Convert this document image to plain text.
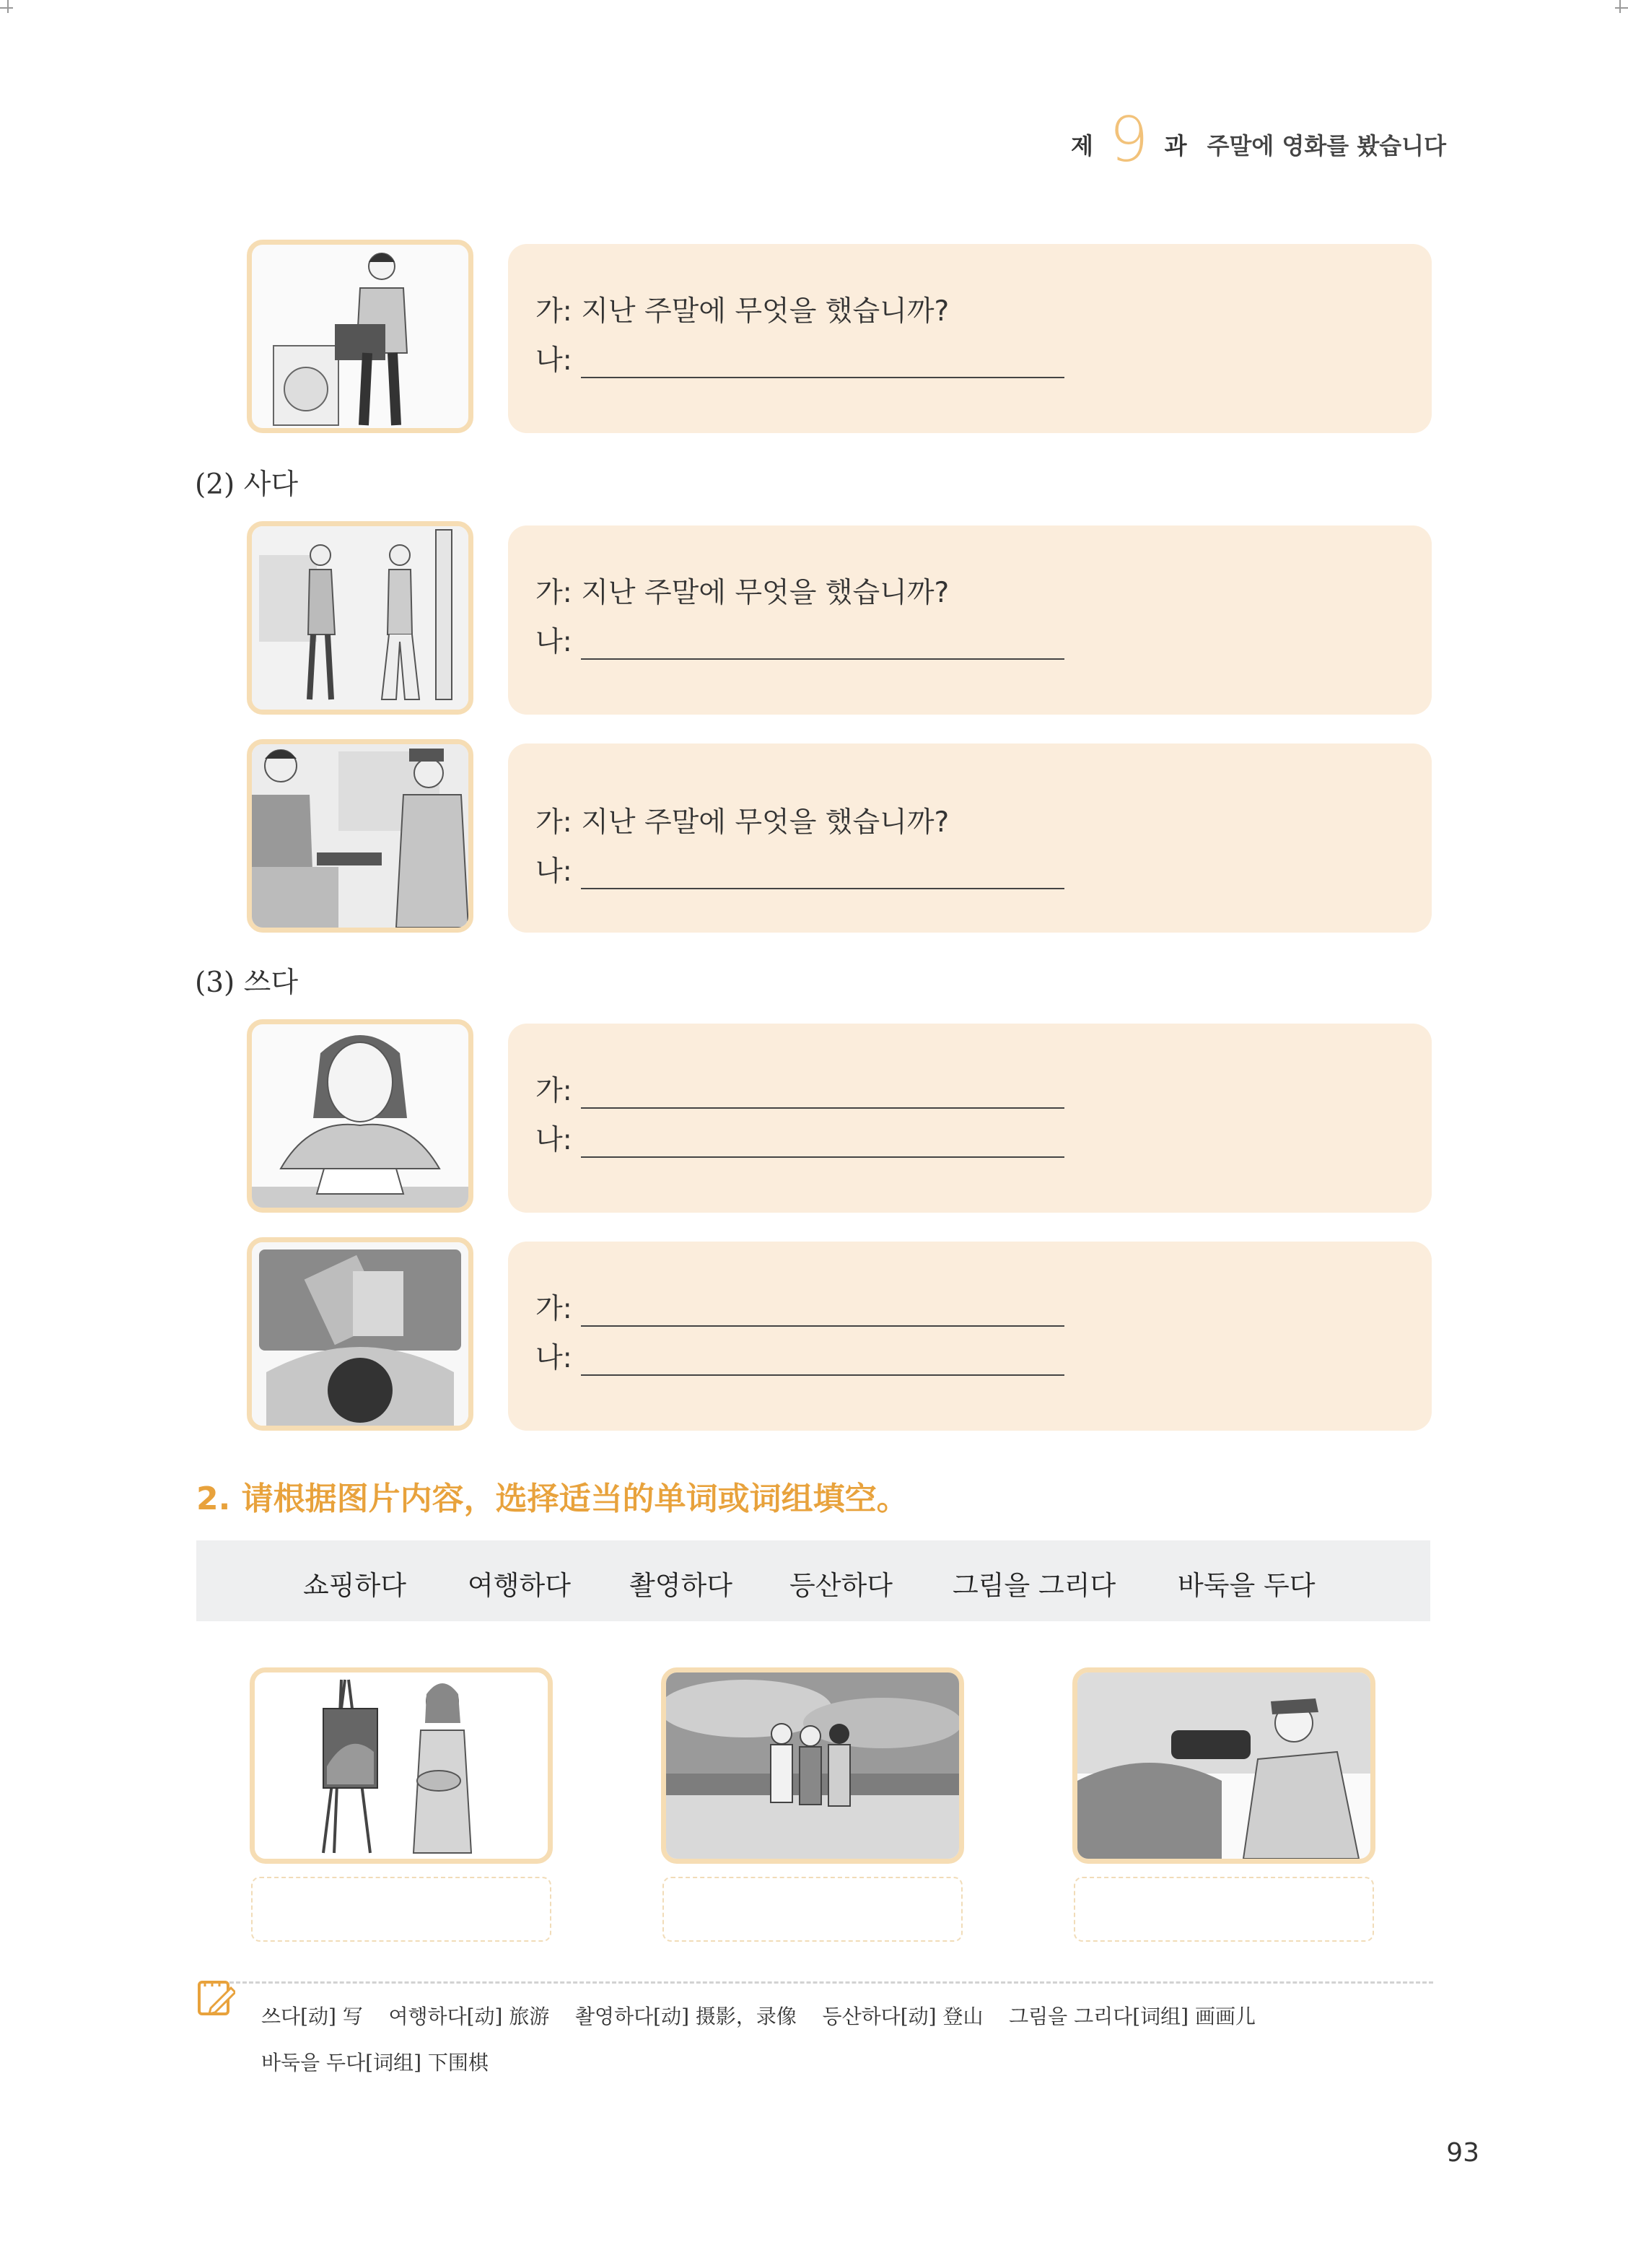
제 9 과 주말에 영화를 봤습니다
가: 지난 주말에 무엇을 했습니까?
나:
(2) 사다
가: 지난 주말에 무엇을 했습니까?
나:
가: 지난 주말에 무엇을 했습니까?
나:
(3) 쓰다
가:
나:
가:
나:
2. 请根据图片内容，选择适当的单词或词组填空。
쇼핑하다 여행하다 촬영하다 등산하다 그림을 그리다 바둑을 두다
쓰다[动] 写    여행하다[动] 旅游    촬영하다[动] 摄影，录像    등산하다[动] 登山    그림을 그리다[词组] 画画儿
바둑을 두다[词组] 下围棋
93
